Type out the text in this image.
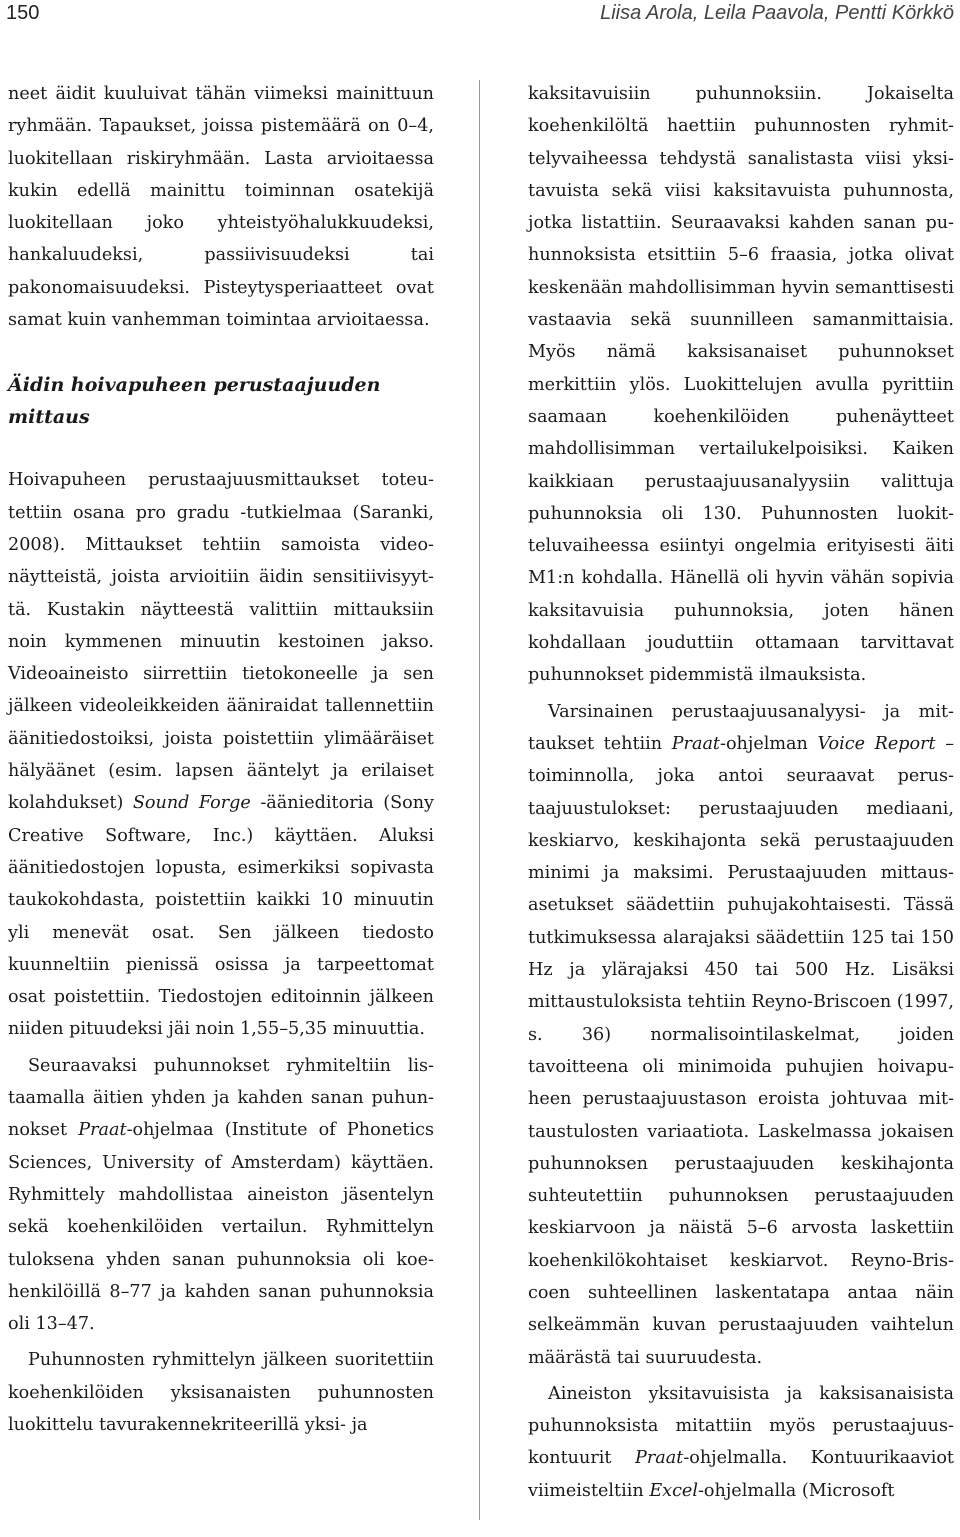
150	Liisa Arola, Leila Paavola, Pentti Körkkö

neet äidit kuuluivat tähän viimeksi mainittuun ryhmään. Tapaukset, joissa pistemäärä on 0–4, luokitellaan riskiryhmään. Lasta arvioitaessa kukin edellä mainittu toiminnan osatekijä luokitellaan joko yhteistyöhalukkuudeksi, hankaluudeksi, passiivisuudeksi tai pakonomaisuudeksi. Pisteytysperiaatteet ovat samat kuin vanhemman toimintaa arvioitaessa.

Äidin hoivapuheen perustaajuuden mittaus

Hoivapuheen perustaajuusmittaukset toteutettiin osana pro gradu -tutkielmaa (Saranki, 2008). Mittaukset tehtiin samoista videonäytteistä, joista arvioitiin äidin sensitiivisyyttä. Kustakin näytteestä valittiin mittauksiin noin kymmenen minuutin kestoinen jakso. Videoaineisto siirrettiin tietokoneelle ja sen jälkeen videoleikkeiden ääniraidat tallennettiin äänitiedostoiksi, joista poistettiin ylimääräiset hälyäänet (esim. lapsen ääntelyt ja erilaiset kolahdukset) Sound Forge -äänieditoria (Sony Creative Software, Inc.) käyttäen. Aluksi äänitiedostojen lopusta, esimerkiksi sopivasta taukokohdasta, poistettiin kaikki 10 minuutin yli menevät osat. Sen jälkeen tiedosto kuunneltiin pienissä osissa ja tarpeettomat osat poistettiin. Tiedostojen editoinnin jälkeen niiden pituudeksi jäi noin 1,55–5,35 minuuttia.

Seuraavaksi puhunnokset ryhmiteltiin listaamalla äitien yhden ja kahden sanan puhunnokset Praat-ohjelmaa (Institute of Phonetics Sciences, University of Amsterdam) käyttäen. Ryhmittely mahdollistaa aineiston jäsentelyn sekä koehenkilöiden vertailun. Ryhmittelyn tuloksena yhden sanan puhunnoksia oli koehenkilöillä 8–77 ja kahden sanan puhunnoksia oli 13–47.

Puhunnosten ryhmittelyn jälkeen suoritettiin koehenkilöiden yksisanaisten puhunnosten luokittelu tavurakennekriteerillä yksi- ja

kaksitavuisiin puhunnoksiin. Jokaiselta koehenkilöltä haettiin puhunnosten ryhmittelyvaiheessa tehdystä sanalistasta viisi yksitavuista sekä viisi kaksitavuista puhunnosta, jotka listattiin. Seuraavaksi kahden sanan puhunnoksista etsittiin 5–6 fraasia, jotka olivat keskenään mahdollisimman hyvin semanttisesti vastaavia sekä suunnilleen samanmittaisia. Myös nämä kaksisanaiset puhunnokset merkittiin ylös. Luokittelujen avulla pyrittiin saamaan koehenkilöiden puhenäytteet mahdollisimman vertailukelpoisiksi. Kaiken kaikkiaan perustaajuusanalyysiin valittuja puhunnoksia oli 130. Puhunnosten luokitteluvaiheessa esiintyi ongelmia erityisesti äiti M1:n kohdalla. Hänellä oli hyvin vähän sopivia kaksitavuisia puhunnoksia, joten hänen kohdallaan jouduttiin ottamaan tarvittavat puhunnokset pidemmistä ilmauksista.

Varsinainen perustaajuusanalyysi- ja mittaukset tehtiin Praat-ohjelman Voice Report –toiminnolla, joka antoi seuraavat perustaajuustulokset: perustaajuuden mediaani, keskiarvo, keskihajonta sekä perustaajuuden minimi ja maksimi. Perustaajuuden mittausasetukset säädettiin puhujakohtaisesti. Tässä tutkimuksessa alarajaksi säädettiin 125 tai 150 Hz ja ylärajaksi 450 tai 500 Hz. Lisäksi mittaustuloksista tehtiin Reyno-Briscoen (1997, s. 36) normalisointilaskelmat, joiden tavoitteena oli minimoida puhujien hoivapuheen perustaajuustason eroista johtuvaa mittaustulosten variaatiota. Laskelmassa jokaisen puhunnoksen perustaajuuden keskihajonta suhteutettiin puhunnoksen perustaajuuden keskiarvoon ja näistä 5–6 arvosta laskettiin koehenkilökohtaiset keskiarvot. Reyno-Briscoen suhteellinen laskentatapa antaa näin selkeämmän kuvan perustaajuuden vaihtelun määrästä tai suuruudesta.

Aineiston yksitavuisista ja kaksisanaisista puhunnoksista mitattiin myös perustaajuuskontuurit Praat-ohjelmalla. Kontuurikaaviot viimeisteltiin Excel-ohjelmalla (Microsoft
